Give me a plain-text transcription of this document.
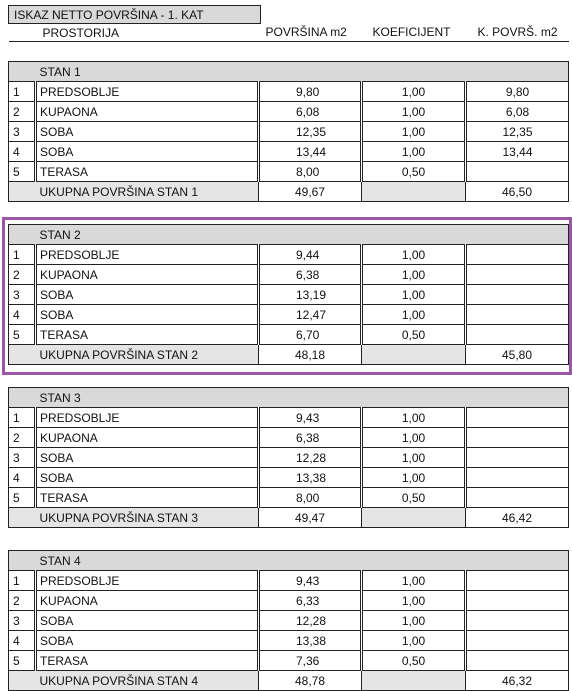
ISKAZ NETTO POVRŠINA - 1. KAT			
PROSTORIJA	POVRŠINA m2	KOEFICIJENT	K. POVRŠ. m2
	STAN 1			
1	PREDSOBLJE	9,80	1,00	9,80
2	KUPAONA	6,08	1,00	6,08
3	SOBA	12,35	1,00	12,35
4	SOBA	13,44	1,00	13,44
5	TERASA	8,00	0,50	
	UKUPNA POVRŠINA STAN 1	49,67		46,50
	STAN 2			
1	PREDSOBLJE	9,44	1,00	
2	KUPAONA	6,38	1,00	
3	SOBA	13,19	1,00	
4	SOBA	12,47	1,00	
5	TERASA	6,70	0,50	
	UKUPNA POVRŠINA STAN 2	48,18		45,80
	STAN 3			
1	PREDSOBLJE	9,43	1,00	
2	KUPAONA	6,38	1,00	
3	SOBA	12,28	1,00	
4	SOBA	13,38	1,00	
5	TERASA	8,00	0,50	
	UKUPNA POVRŠINA STAN 3	49,47		46,42
	STAN 4			
1	PREDSOBLJE	9,43	1,00	
2	KUPAONA	6,33	1,00	
3	SOBA	12,28	1,00	
4	SOBA	13,38	1,00	
5	TERASA	7,36	0,50	
	UKUPNA POVRŠINA STAN 4	48,78		46,32
